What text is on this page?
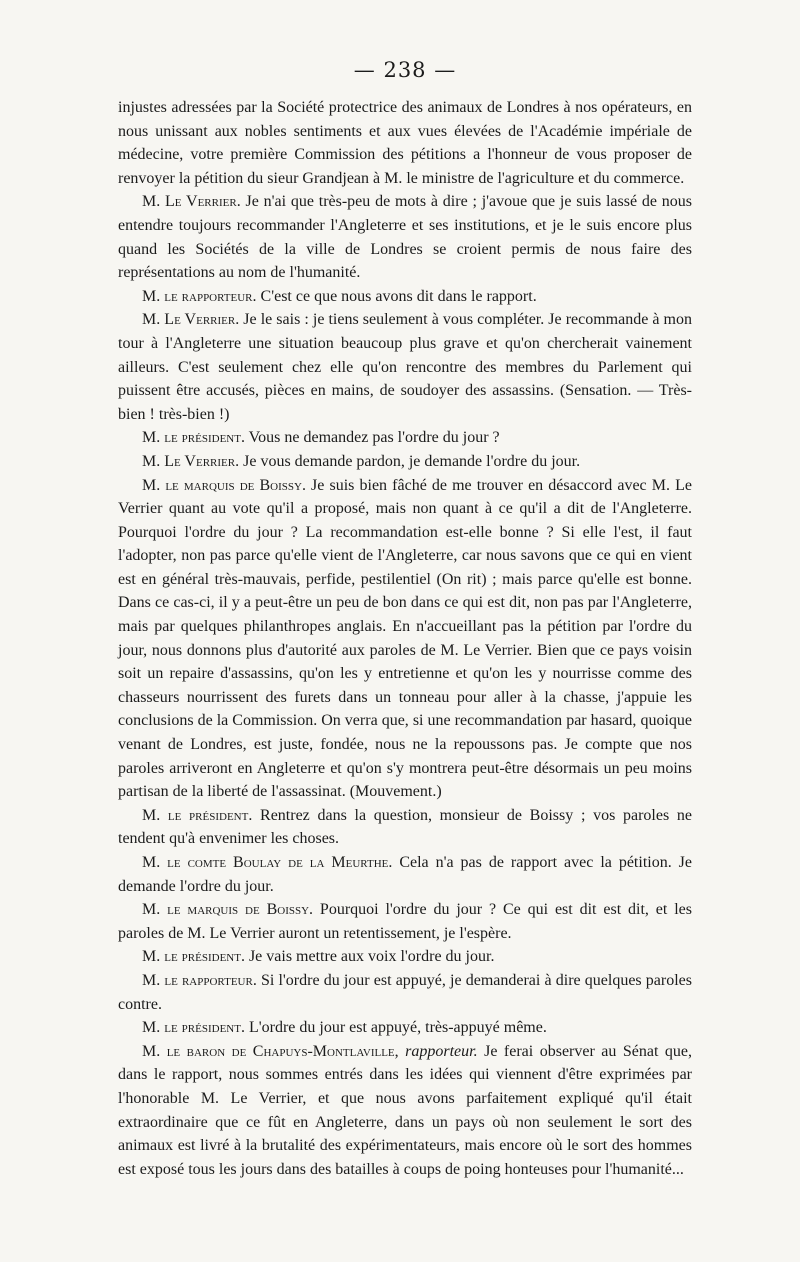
— 238 —

injustes adressées par la Société protectrice des animaux de Londres à nos opérateurs, en nous unissant aux nobles sentiments et aux vues élevées de l'Académie impériale de médecine, votre première Commission des pétitions a l'honneur de vous proposer de renvoyer la pétition du sieur Grandjean à M. le ministre de l'agriculture et du commerce.

M. Le Verrier. Je n'ai que très-peu de mots à dire ; j'avoue que je suis lassé de nous entendre toujours recommander l'Angleterre et ses institutions, et je le suis encore plus quand les Sociétés de la ville de Londres se croient permis de nous faire des représentations au nom de l'humanité.

M. le rapporteur. C'est ce que nous avons dit dans le rapport.

M. Le Verrier. Je le sais : je tiens seulement à vous compléter. Je recommande à mon tour à l'Angleterre une situation beaucoup plus grave et qu'on chercherait vainement ailleurs. C'est seulement chez elle qu'on rencontre des membres du Parlement qui puissent être accusés, pièces en mains, de soudoyer des assassins. (Sensation. — Très-bien ! très-bien !)

M. le président. Vous ne demandez pas l'ordre du jour ?

M. Le Verrier. Je vous demande pardon, je demande l'ordre du jour.

M. le marquis de Boissy. Je suis bien fâché de me trouver en désaccord avec M. Le Verrier quant au vote qu'il a proposé, mais non quant à ce qu'il a dit de l'Angleterre. Pourquoi l'ordre du jour ? La recommandation est-elle bonne ? Si elle l'est, il faut l'adopter, non pas parce qu'elle vient de l'Angleterre, car nous savons que ce qui en vient est en général très-mauvais, perfide, pestilentiel (On rit) ; mais parce qu'elle est bonne. Dans ce cas-ci, il y a peut-être un peu de bon dans ce qui est dit, non pas par l'Angleterre, mais par quelques philanthropes anglais. En n'accueillant pas la pétition par l'ordre du jour, nous donnons plus d'autorité aux paroles de M. Le Verrier. Bien que ce pays voisin soit un repaire d'assassins, qu'on les y entretienne et qu'on les y nourrisse comme des chasseurs nourrissent des furets dans un tonneau pour aller à la chasse, j'appuie les conclusions de la Commission. On verra que, si une recommandation par hasard, quoique venant de Londres, est juste, fondée, nous ne la repoussons pas. Je compte que nos paroles arriveront en Angleterre et qu'on s'y montrera peut-être désormais un peu moins partisan de la liberté de l'assassinat. (Mouvement.)

M. le président. Rentrez dans la question, monsieur de Boissy ; vos paroles ne tendent qu'à envenimer les choses.

M. le comte Boulay de la Meurthe. Cela n'a pas de rapport avec la pétition. Je demande l'ordre du jour.

M. le marquis de Boissy. Pourquoi l'ordre du jour ? Ce qui est dit est dit, et les paroles de M. Le Verrier auront un retentissement, je l'espère.

M. le président. Je vais mettre aux voix l'ordre du jour.

M. le rapporteur. Si l'ordre du jour est appuyé, je demanderai à dire quelques paroles contre.

M. le président. L'ordre du jour est appuyé, très-appuyé même.

M. le baron de Chapuys-Montlaville, rapporteur. Je ferai observer au Sénat que, dans le rapport, nous sommes entrés dans les idées qui viennent d'être exprimées par l'honorable M. Le Verrier, et que nous avons parfaitement expliqué qu'il était extraordinaire que ce fût en Angleterre, dans un pays où non seulement le sort des animaux est livré à la brutalité des expérimentateurs, mais encore où le sort des hommes est exposé tous les jours dans des batailles à coups de poing honteuses pour l'humanité...
